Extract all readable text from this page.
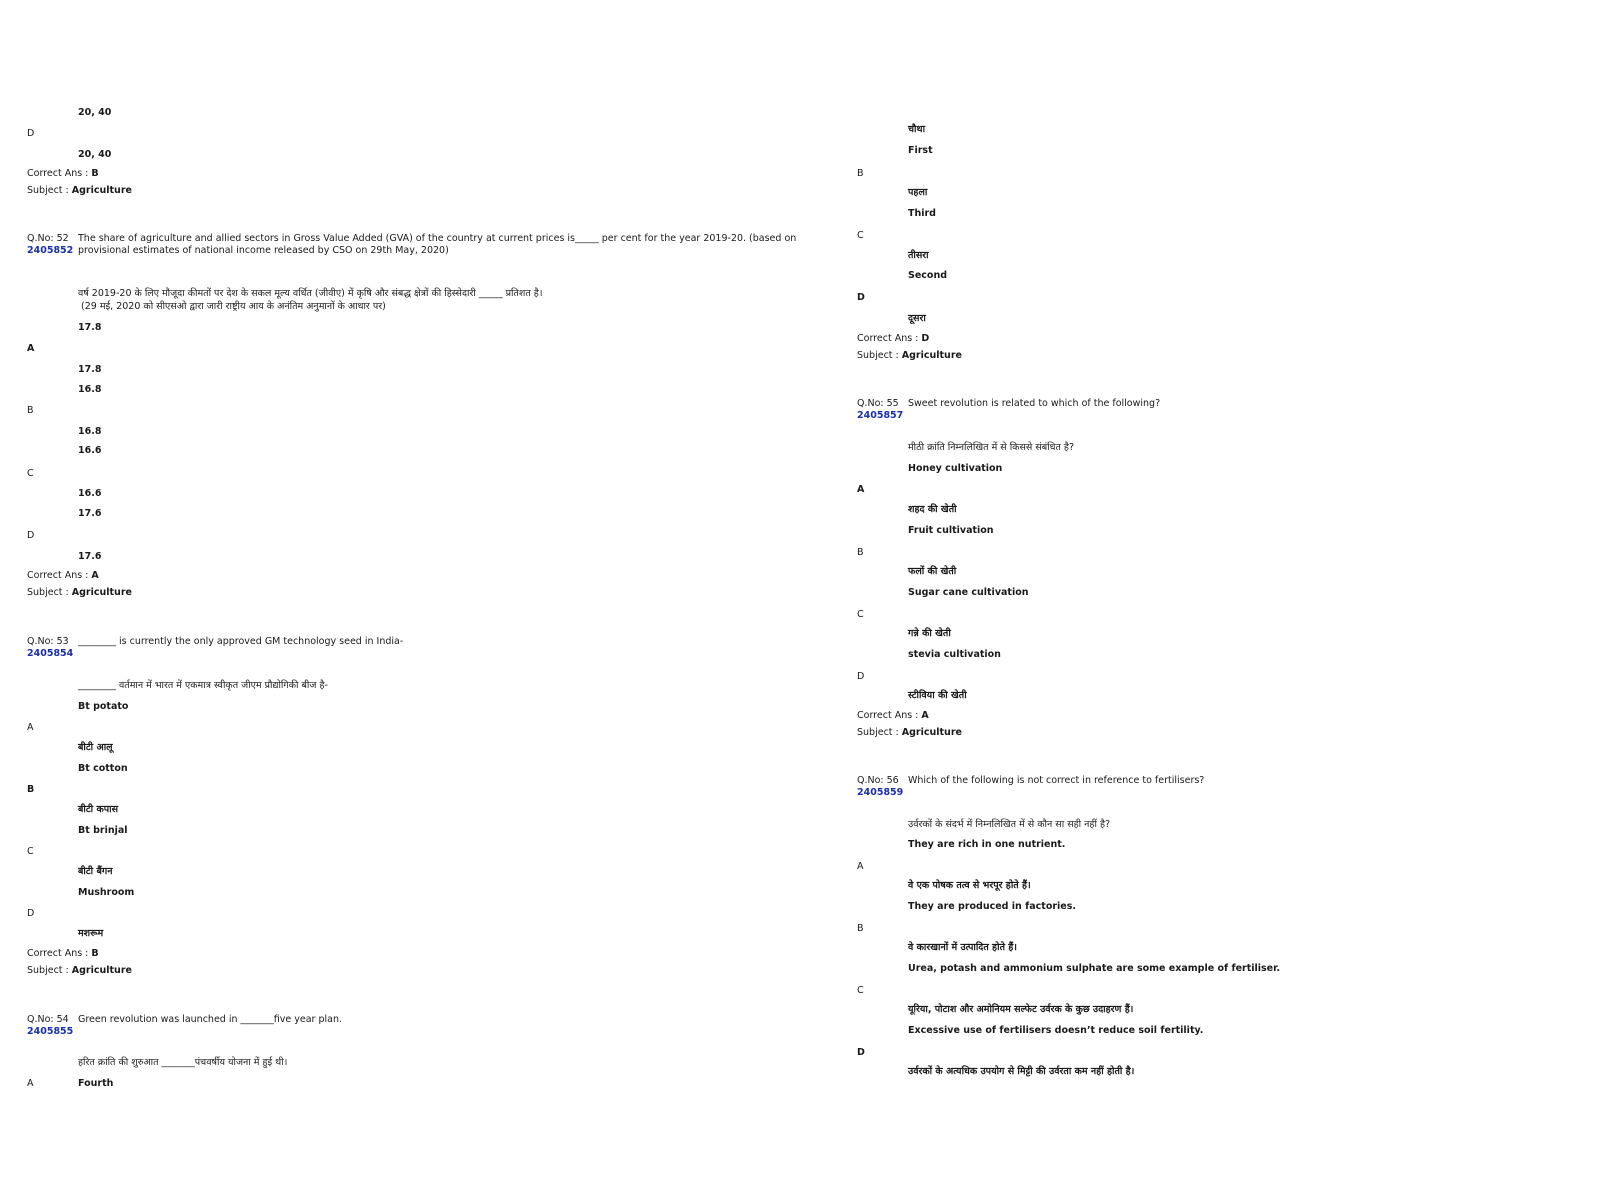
20, 40
D
20, 40
Correct Ans : B
Subject : Agriculture
Q.No: 52
2405852
The share of agriculture and allied sectors in Gross Value Added (GVA) of the country at current prices is_____ per cent for the year 2019-20. (based on
provisional estimates of national income released by CSO on 29th May, 2020)
वर्ष 2019-20 के लिए मौजूदा कीमतों पर देश के सकल मूल्य वर्धित (जीवीए) में कृषि और संबद्ध क्षेत्रों की हिस्सेदारी _____ प्रतिशत है।
(29 मई, 2020 को सीएसओ द्वारा जारी राष्ट्रीय आय के अनंतिम अनुमानों के आधार पर)
17.8
A
17.8
16.8
B
16.8
16.6
C
16.6
17.6
D
17.6
Correct Ans : A
Subject : Agriculture
Q.No: 53
2405854
________ is currently the only approved GM technology seed in India-
________ वर्तमान में भारत में एकमात्र स्वीकृत जीएम प्रौद्योगिकी बीज है-
Bt potato
A
बीटी आलू
Bt cotton
B
बीटी कपास
Bt brinjal
C
बीटी बैंगन
Mushroom
D
मशरूम
Correct Ans : B
Subject : Agriculture
Q.No: 54
2405855
Green revolution was launched in _______five year plan.
हरित क्रांति की शुरुआत _______पंचवर्षीय योजना में हुई थी।
A	Fourth
चौथा
First
B
पहला
Third
C
तीसरा
Second
D
दूसरा
Correct Ans : D
Subject : Agriculture
Q.No: 55
2405857
Sweet revolution is related to which of the following?
मीठी क्रांति निम्नलिखित में से किससे संबंधित है?
Honey cultivation
A
शहद की खेती
Fruit cultivation
B
फलों की खेती
Sugar cane cultivation
C
गन्ने की खेती
stevia cultivation
D
स्टीविया की खेती
Correct Ans : A
Subject : Agriculture
Q.No: 56
2405859
Which of the following is not correct in reference to fertilisers?
उर्वरकों के संदर्भ में निम्नलिखित में से कौन सा सही नहीं है?
They are rich in one nutrient.
A
वे एक पोषक तत्व से भरपूर होते हैं।
They are produced in factories.
B
वे कारखानों में उत्पादित होते हैं।
Urea, potash and ammonium sulphate are some example of fertiliser.
C
यूरिया, पोटाश और अमोनियम सल्फेट उर्वरक के कुछ उदाहरण हैं।
Excessive use of fertilisers doesn’t reduce soil fertility.
D
उर्वरकों के अत्यधिक उपयोग से मिट्टी की उर्वरता कम नहीं होती है।
